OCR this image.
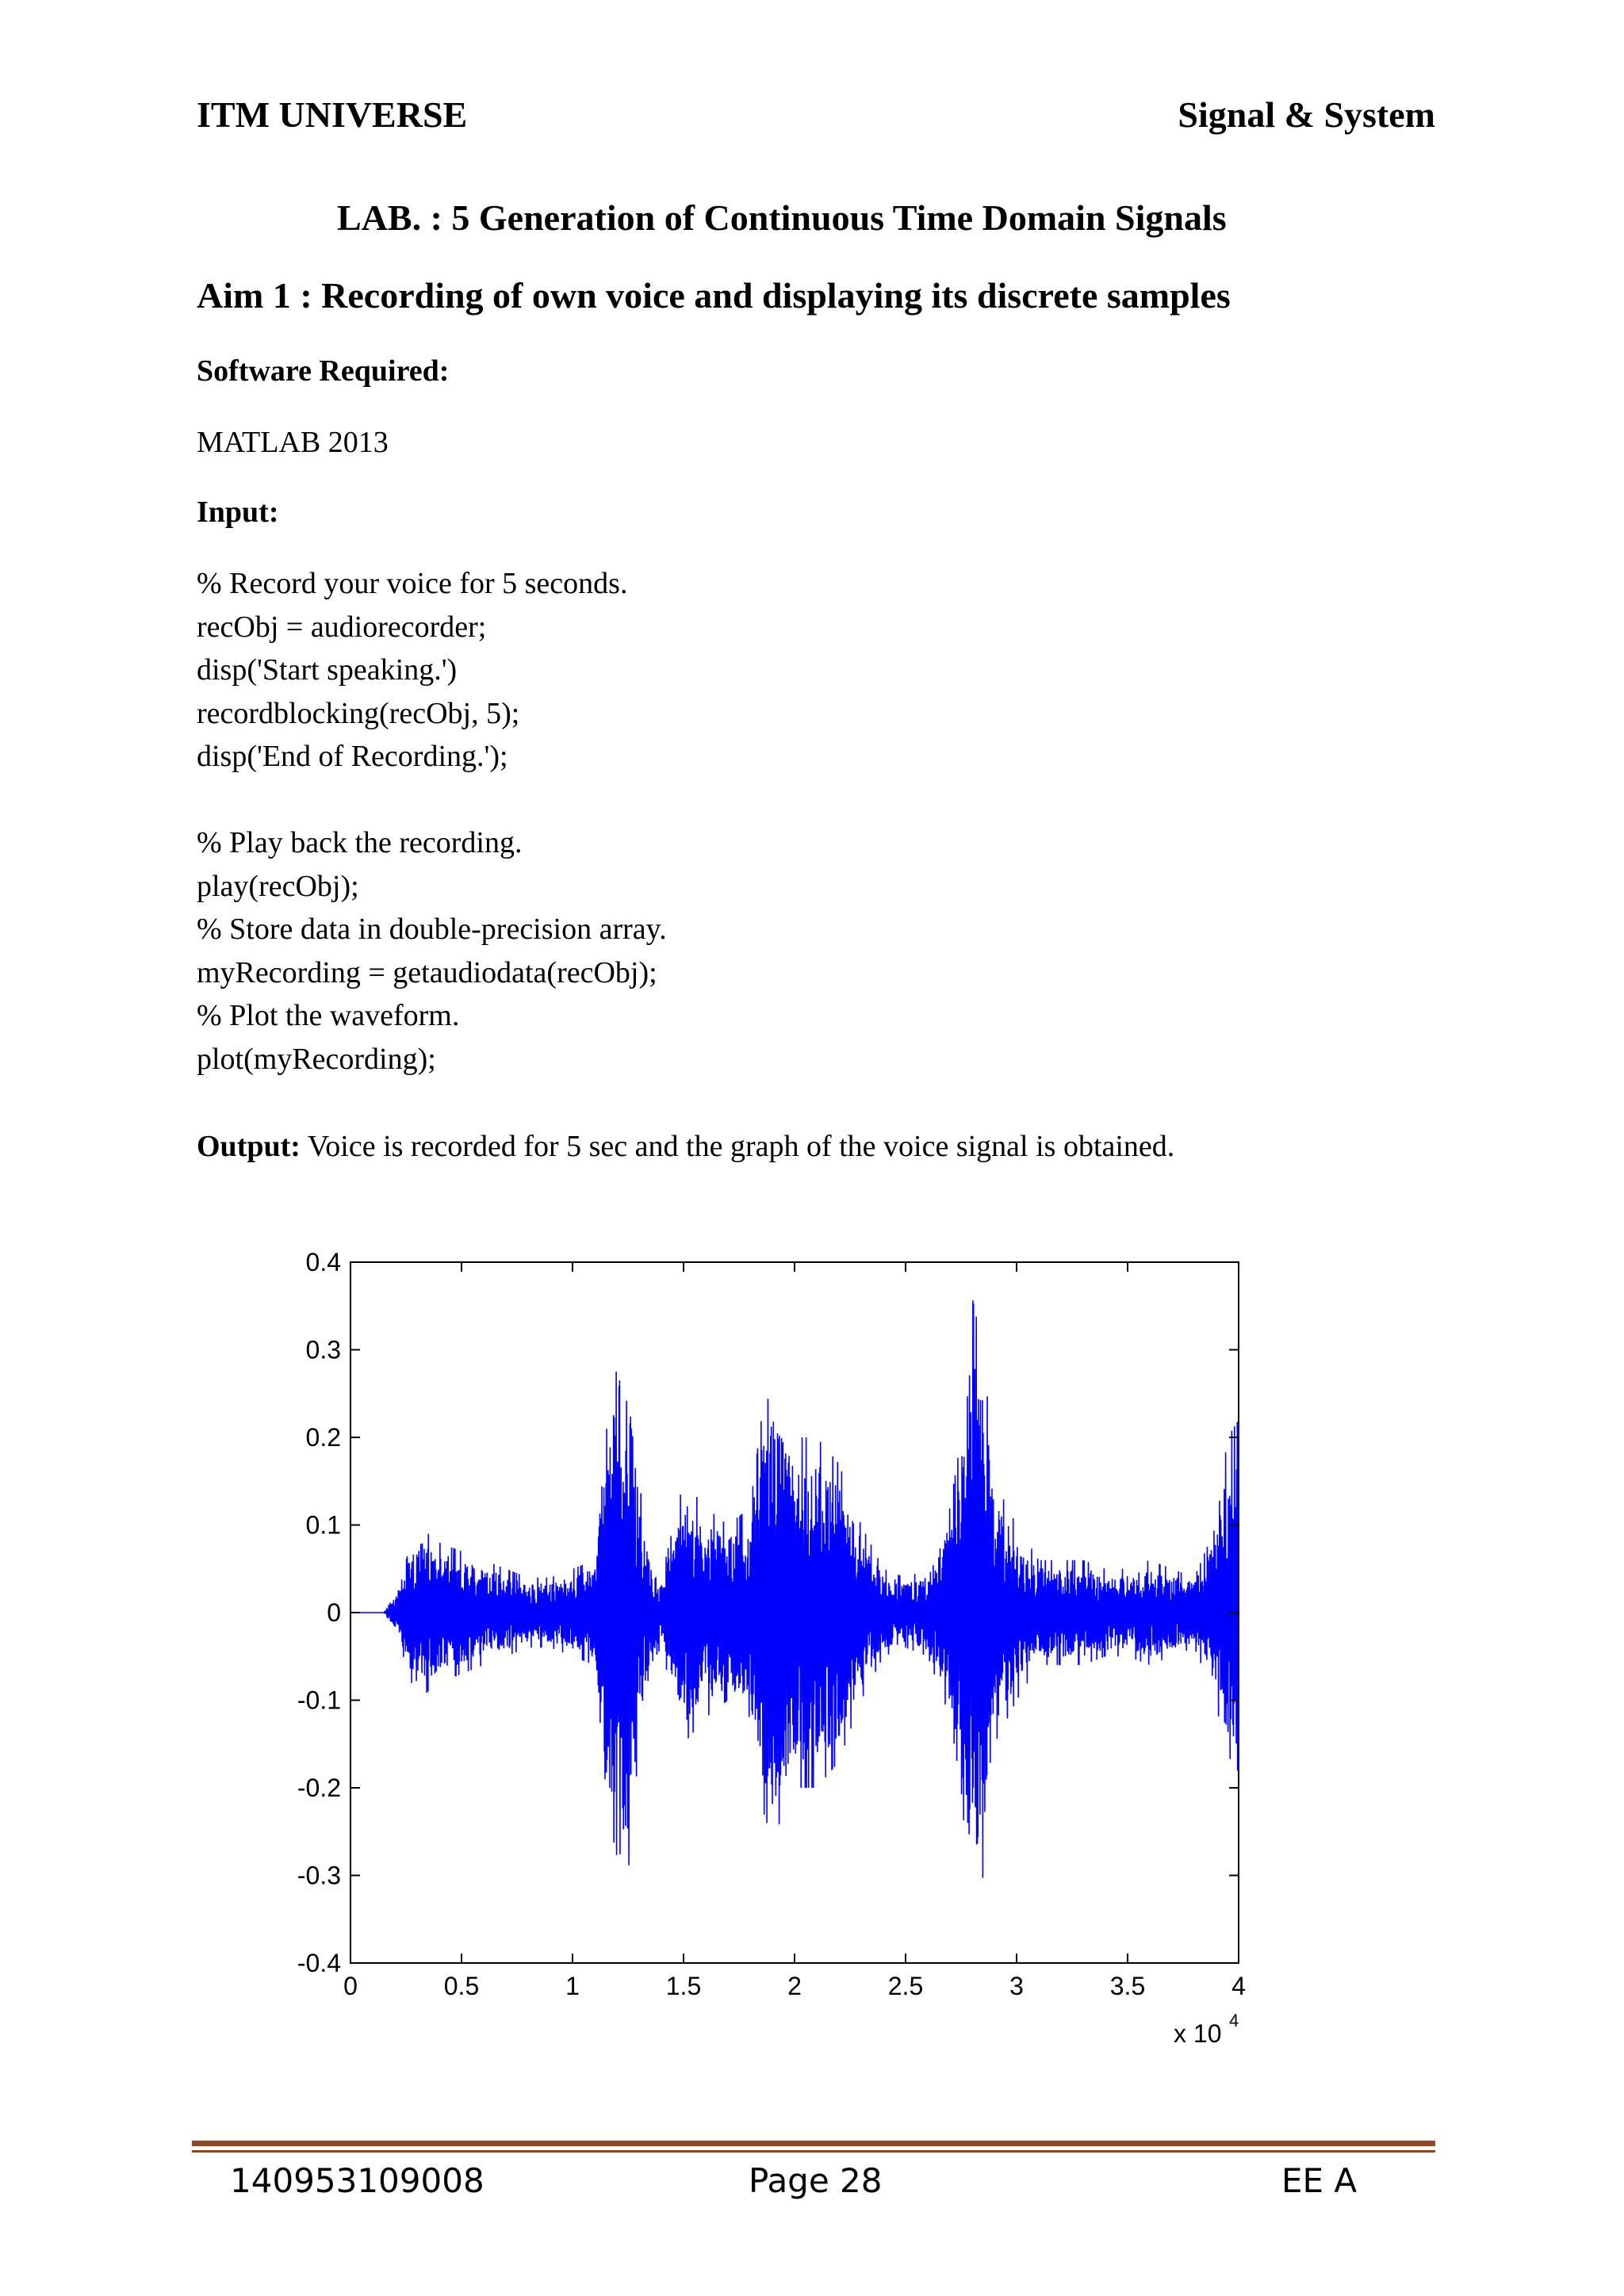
ITM UNIVERSE	Signal & System
LAB. : 5 Generation of Continuous Time Domain Signals
Aim 1 : Recording of own voice and displaying its discrete samples
Software Required:
MATLAB 2013
Input:
% Record your voice for 5 seconds.
recObj = audiorecorder;
disp('Start speaking.')
recordblocking(recObj, 5);
disp('End of Recording.');
% Play back the recording.
play(recObj);
% Store data in double-precision array.
myRecording = getaudiodata(recObj);
% Plot the waveform.
plot(myRecording);
Output: Voice is recorded for 5 sec and the graph of the voice signal is obtained.
0	0.5	1	1.5	2	2.5	3	3.5	4
0.4
0.3
0.2
0.1
0
-0.1
-0.2
-0.3
-0.4
x 10 4
140953109008	Page 28	EE A
